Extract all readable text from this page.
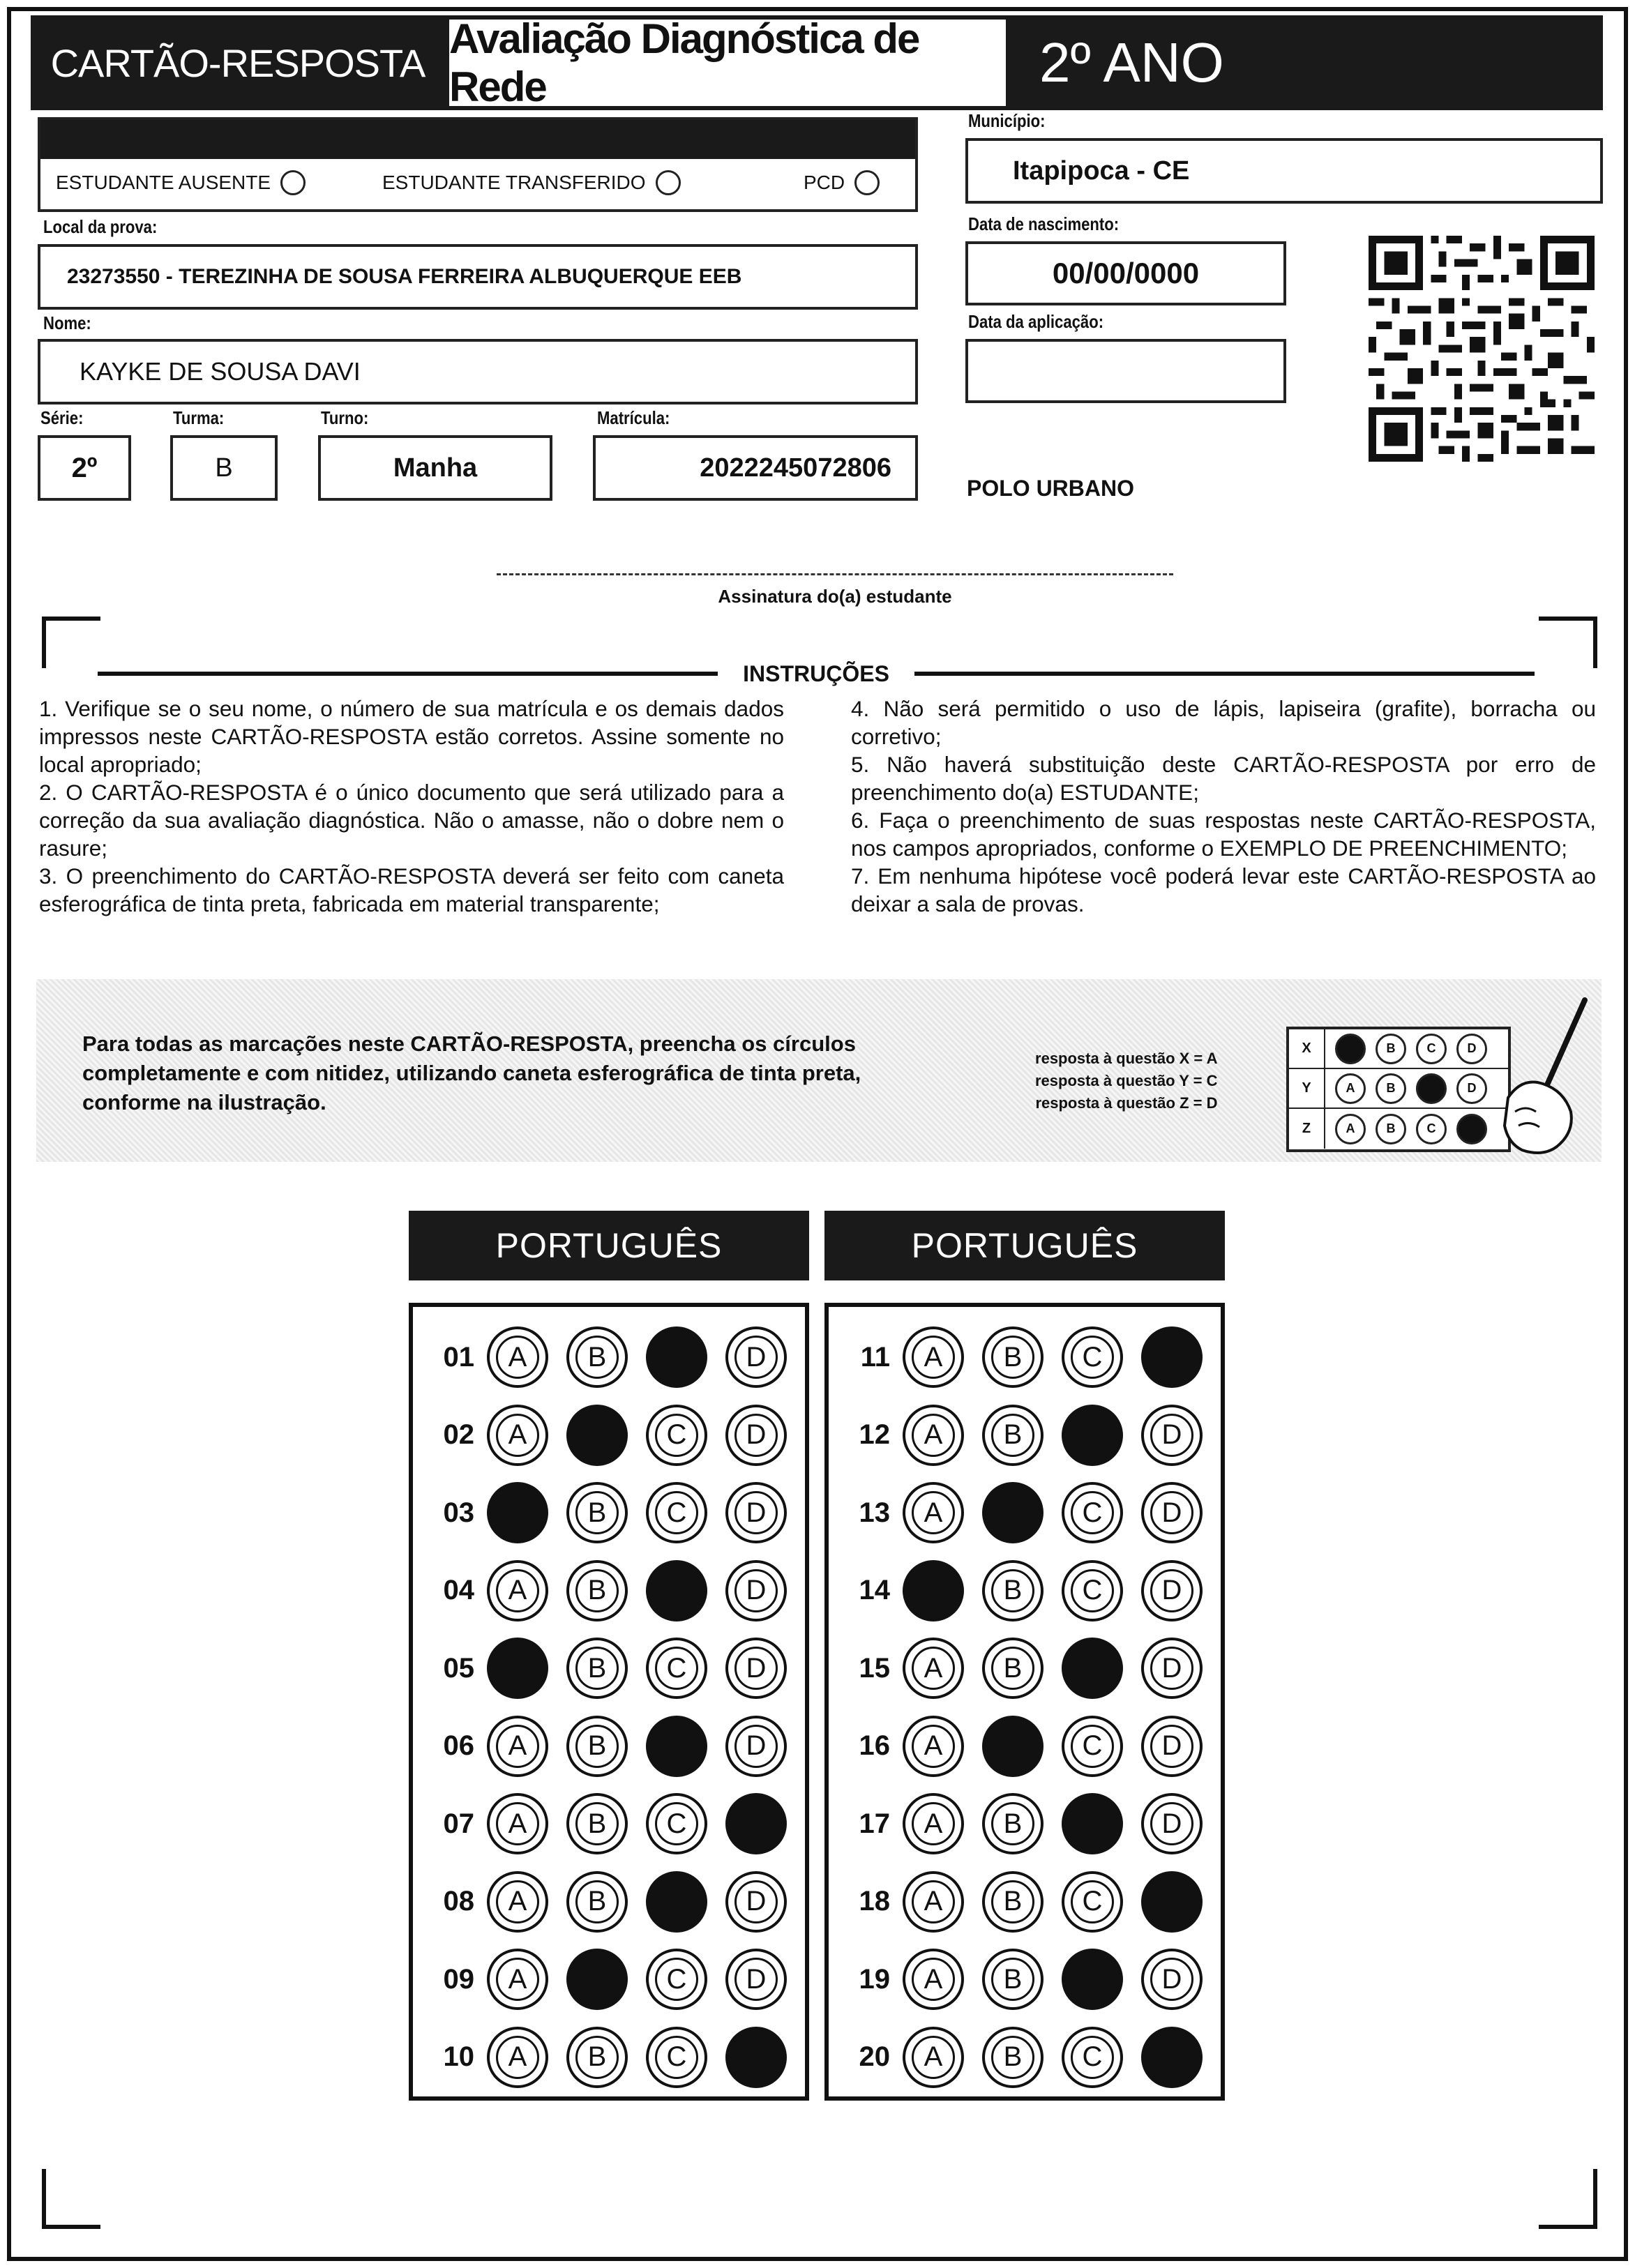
CARTÃO-RESPOSTA
Avaliação Diagnóstica de Rede	2º ANO
ESTUDANTE AUSENTE	ESTUDANTE TRANSFERIDO	PCD
Município:
Itapipoca - CE
Local da prova:
23273550 - TEREZINHA DE SOUSA FERREIRA ALBUQUERQUE EEB
Data de nascimento:
00/00/0000
Nome:
KAYKE DE SOUSA DAVI
Data da aplicação:
Série:
2º
Turma:
B
Turno:
Manha
Matrícula:
2022245072806
POLO URBANO
Assinatura do(a) estudante
INSTRUÇÕES

1. Verifique se o seu nome, o número de sua matrícula e os demais dados impressos neste CARTÃO-RESPOSTA estão corretos. Assine somente no local apropriado;

2. O CARTÃO-RESPOSTA é o único documento que será utilizado para a correção da sua avaliação diagnóstica. Não o amasse, não o dobre nem o rasure;

3. O preenchimento do CARTÃO-RESPOSTA deverá ser feito com caneta esferográfica de tinta preta, fabricada em material transparente;

4. Não será permitido o uso de lápis, lapiseira (grafite), borracha ou corretivo;

5. Não haverá substituição deste CARTÃO-RESPOSTA por erro de preenchimento do(a) ESTUDANTE;

6. Faça o preenchimento de suas respostas neste CARTÃO-RESPOSTA, nos campos apropriados, conforme o EXEMPLO DE PREENCHIMENTO;

7. Em nenhuma hipótese você poderá levar este CARTÃO-RESPOSTA ao deixar a sala de provas.

Para todas as marcações neste CARTÃO-RESPOSTA, preencha os círculos completamente e com nitidez, utilizando caneta esferográfica de tinta preta, conforme na ilustração.
resposta à questão X = A
resposta à questão Y = C
resposta à questão Z = D
X	A	B	C	D
Y	A	B	C	D
Z	A	B	C	D
PORTUGUÊS	PORTUGUÊS
01	A	B	C	D
02	A	B	C	D
03	A	B	C	D
04	A	B	C	D
05	A	B	C	D
06	A	B	C	D
07	A	B	C	D
08	A	B	C	D
09	A	B	C	D
10	A	B	C	D
11	A	B	C	D
12	A	B	C	D
13	A	B	C	D
14	A	B	C	D
15	A	B	C	D
16	A	B	C	D
17	A	B	C	D
18	A	B	C	D
19	A	B	C	D
20	A	B	C	D
